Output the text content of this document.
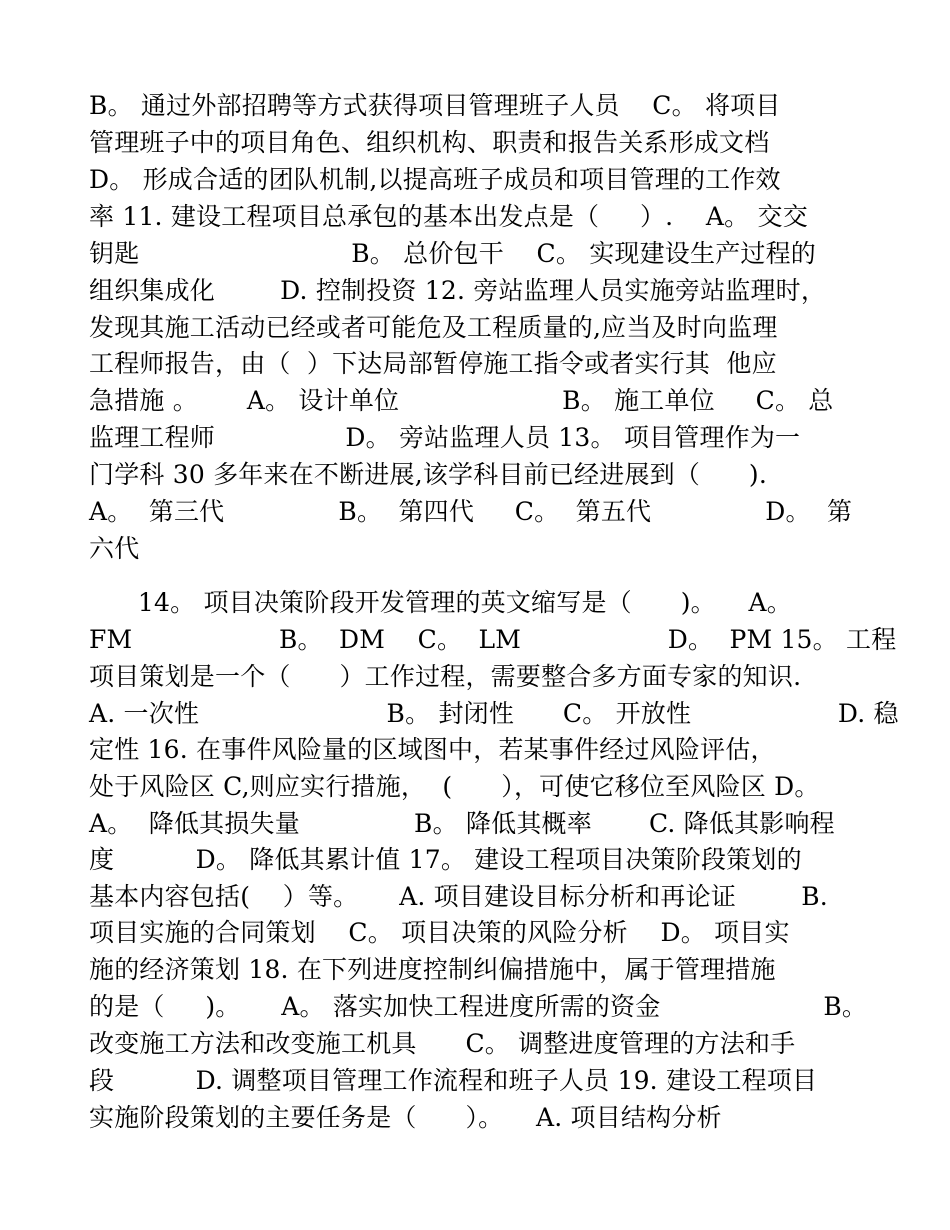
B。 通过外部招聘等方式获得项目管理班子人员    C。 将项目
管理班子中的项目角色、组织机构、职责和报告关系形成文档
D。 形成合适的团队机制,以提高班子成员和项目管理的工作效
率 11. 建设工程项目总承包的基本出发点是（     ）.    A。 交交
钥匙                          B。 总价包干    C。 实现建设生产过程的
组织集成化        D. 控制投资 12. 旁站监理人员实施旁站监理时，
发现其施工活动已经或者可能危及工程质量的,应当及时向监理
工程师报告，由（  ）下达局部暂停施工指令或者实行其  他应
急措施 。      A。 设计单位                    B。 施工单位     C。 总
监理工程师                D。 旁站监理人员 13。 项目管理作为一
门学科 30 多年来在不断进展,该学科目前已经进展到（      ).
A。  第三代              B。  第四代     C。  第五代              D。  第
六代
14。 项目决策阶段开发管理的英文缩写是（      )。    A。
FM                  B。  DM    C。  LM                  D。  PM 15。 工程
项目策划是一个（      ）工作过程，需要整合多方面专家的知识.
A. 一次性                       B。 封闭性      C。 开放性                  D. 稳
定性 16. 在事件风险量的区域图中，若某事件经过风险评估，
处于风险区 C,则应实行措施，  (      ），可使它移位至风险区 D。
A。  降低其损失量              B。 降低其概率       C. 降低其影响程
度          D。 降低其累计值 17。 建设工程项目决策阶段策划的
基本内容包括(    ）等。     A. 项目建设目标分析和再论证        B.
项目实施的合同策划    C。 项目决策的风险分析    D。 项目实
施的经济策划 18. 在下列进度控制纠偏措施中，属于管理措施
的是（     )。     A。 落实加快工程进度所需的资金                    B。
改变施工方法和改变施工机具      C。 调整进度管理的方法和手
段          D. 调整项目管理工作流程和班子人员 19. 建设工程项目
实施阶段策划的主要任务是（      ）。    A. 项目结构分析
